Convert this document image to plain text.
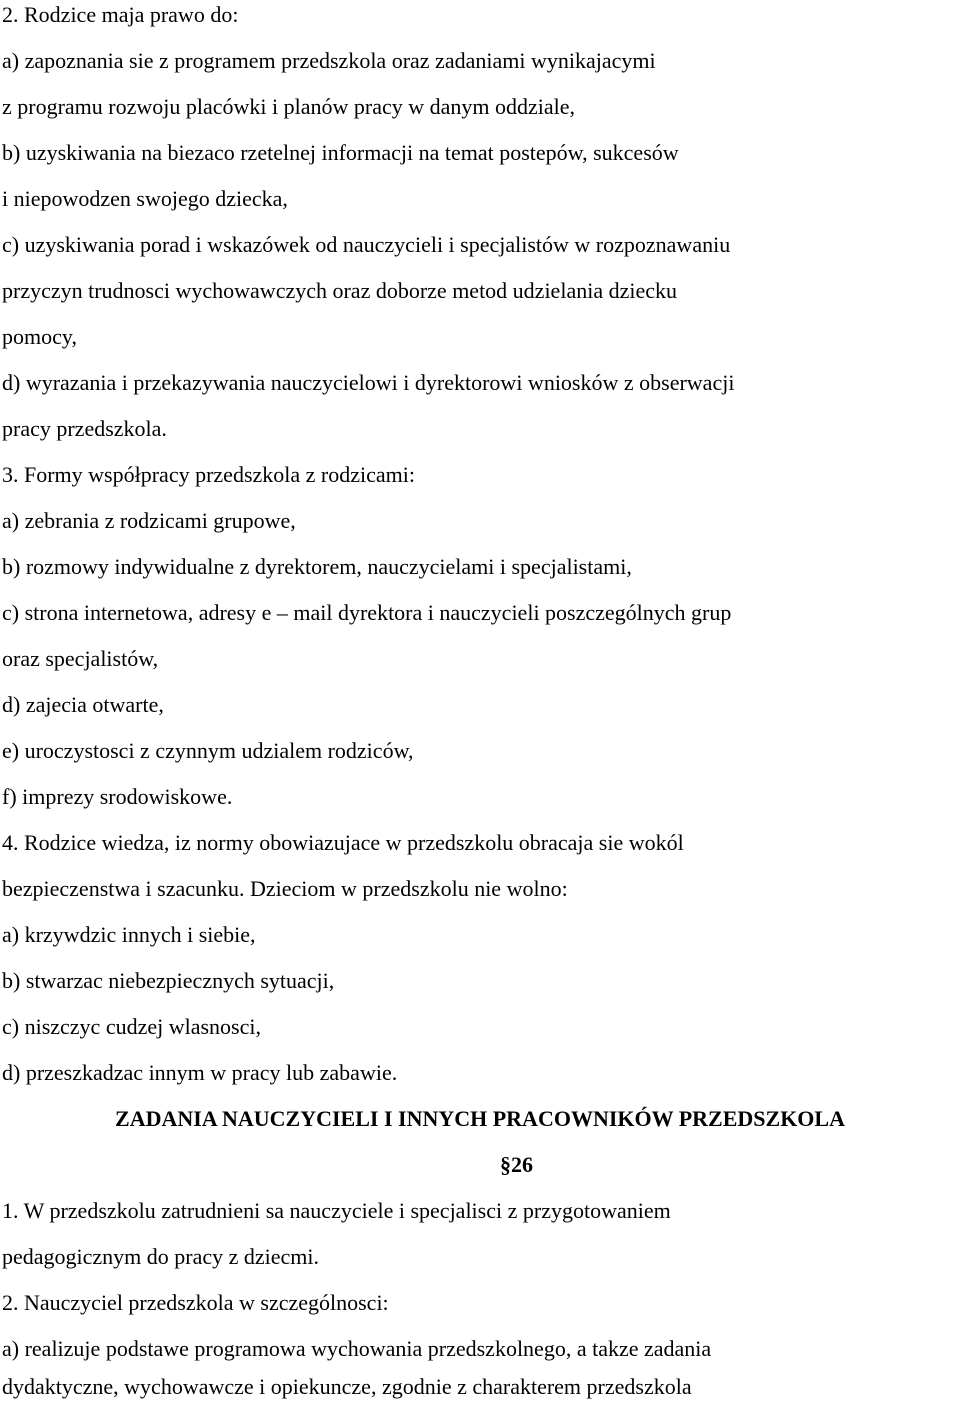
2. Rodzice maja prawo do:

a) zapoznania sie z programem przedszkola oraz zadaniami wynikajacymi

z programu rozwoju placówki i planów pracy w danym oddziale,

b) uzyskiwania na biezaco rzetelnej informacji na temat postepów, sukcesów

i niepowodzen swojego dziecka,

c) uzyskiwania porad i wskazówek od nauczycieli i specjalistów w rozpoznawaniu

przyczyn trudnosci wychowawczych oraz doborze metod udzielania dziecku

pomocy,

d) wyrazania i przekazywania nauczycielowi i dyrektorowi wniosków z obserwacji

pracy przedszkola.

3. Formy współpracy przedszkola z rodzicami:

a) zebrania z rodzicami grupowe,

b) rozmowy indywidualne z dyrektorem, nauczycielami i specjalistami,

c) strona internetowa, adresy e – mail dyrektora i nauczycieli poszczególnych grup

oraz specjalistów,

d) zajecia otwarte,

e) uroczystosci z czynnym udzialem rodziców,

f) imprezy srodowiskowe.

4. Rodzice wiedza, iz normy obowiazujace w przedszkolu obracaja sie wokól

bezpieczenstwa i szacunku. Dzieciom w przedszkolu nie wolno:

a) krzywdzic innych i siebie,

b) stwarzac niebezpiecznych sytuacji,

c) niszczyc cudzej wlasnosci,

d) przeszkadzac innym w pracy lub zabawie.

ZADANIA NAUCZYCIELI I INNYCH PRACOWNIKÓW PRZEDSZKOLA

§26

1. W przedszkolu zatrudnieni sa nauczyciele i specjalisci z przygotowaniem

pedagogicznym do pracy z dziecmi.

2. Nauczyciel przedszkola w szczególnosci:

a) realizuje podstawe programowa wychowania przedszkolnego, a takze zadania

dydaktyczne, wychowawcze i opiekuncze, zgodnie z charakterem przedszkola
